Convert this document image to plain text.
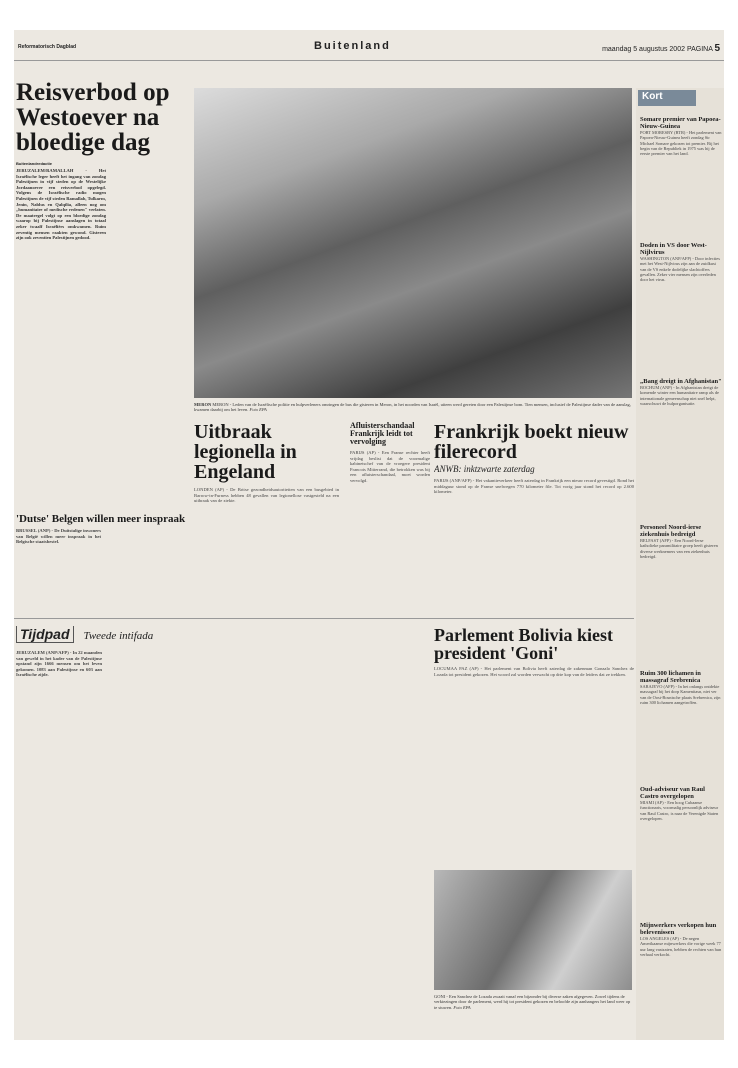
Reformatorisch Dagblad	Buitenland	maandag 5 augustus 2002 PAGINA 5
Reisverbod op Westoever na bloedige dag
Buitenlandredactie
JERUZALEM/RAMALLAH - Het Israëlische leger heeft het ingang van zondag Palestijnen in vijf steden op de Westelijke Jordaanoever een reisverbod opgelegd. Volgens de Israëlische radio mogen Palestijnen de vijf steden Ramallah, Tulkarm, Jenin, Nablus en Qalqilia, alleen nog om „humanitaire of medische redenen" verlaten. De maatregel volgt op een bloedige zondag waarop bij Palestijnse aanslagen in totaal zeker twaalf Israëliërs omkwamen. Ruim zeventig mensen raakten gewond. Gisteren zijn ook zeventien Palestijnen gedood.
MERON MERON - Leden van de Israëlische politie en hulpverleners omringen de bus die gisteren in Meron, in het noorden van Israël, uiteen werd gereten door een Palestijnse bom. Tien mensen, inclusief de Palestijnse dader van de aanslag, kwamen daarbij om het leven. Foto EPA
Uitbraak legionella in Engeland
LONDEN (AP) - De Britse gezondheidsautoriteiten van een busgebied in Barrow-in-Furness hebben 48 gevallen van legionellose vastgesteld na een uitbraak van de ziekte.
Afluisterschandaal Frankrijk leidt tot vervolging
PARIJS (AP) - Een Franse rechter heeft vrijdag beslist dat de voormalige kabinetschef van de vroegere president Francois Mitterrand, die betrokken was bij een afluisterschandaal, moet worden vervolgd.
Frankrijk boekt nieuw filerecord
ANWB: inktzwarte zaterdag
PARIJS (ANP/AFP) - Het vakantieverkeer heeft zaterdag in Frankrijk een nieuw record gevestigd. Rond het middaguur stond op de Franse snelwegen 770 kilometer file. Tot vorig jaar stond het record op 2.600 kilometer.
'Dutse' Belgen willen meer inspraak
BRUSSEL (ANP) - De Duitstalige inwoners van België willen meer inspraak in het Belgische staatsbestel.
Tijdpad Tweede intifada
JERUZALEM (ANP/AFP) - In 22 maanden van geweld in het kader van de Palestijnse opstand zijn 1666 mensen om het leven gekomen. 1083 aan Palestijnse en 603 aan Israëlische zijde.
Parlement Bolivia kiest president 'Goni'
LOCUMAA PAZ (AP) - Het parlement van Bolivia heeft zaterdag de zakenman Gonzalo Sanchez de Lozada tot president gekozen. Het woord zal worden verwacht op drie kop van de leiders dat ze trekken.
GONI - Een Sanchez de Lozada zwaait vanaf een bijzonder bij diverse zaken afgegeven. Zowel tijdens de verkiezingen door de parlement, werd hij tot president gekozen en beloofde zijn aanhangers het land weer op te stuwen. Foto EPA
Kort
Somare premier van Papoea-Nieuw-Guinea
PORT MORESBY (RTR) - Het parlement van Papoea-Nieuw-Guinea heeft zondag Sir Michael Somare gekozen tot premier. Bij het begin van de Republiek in 1975 was hij de eerste premier van het land.
Doden in VS door West-Nijlvirus
WASHINGTON (ANP/AFP) - Door infecties met het West-Nijlvirus zijn aan de zuidkust van de VS enkele dodelijke slachtoffers gevallen. Zeker vier mensen zijn overleden door het virus.
„Bang dreigt in Afghanistan"
BOCHUM (ANP) - In Afghanistan dreigt de komende winter een humanitaire ramp als de internationale gemeenschap niet snel helpt, waarschuwt de hulporganisatie.
Personeel Noord-ierse ziekenhuis bedreigd
BELFAST (AFP) - Een Noord-Ierse katholieke paramilitaire groep heeft gisteren diverse werknemers van een ziekenhuis bedreigd.
Ruim 300 lichamen in massagraf Srebrenica
SARAJEVO (AFP) - In het onlangs ontdekte massagraf bij het dorp Kamenitasn, niet ver van de Oost-Bosnische plaats Srebrenica, zijn ruim 300 lichamen aangetroffen.
Oud-adviseur van Raul Castro overgelopen
MIAMI (AP) - Een hoog Cubaanse functionaris, voormalig persoonlijk adviseur van Raul Castro, is naar de Verenigde Staten overgelopen.
Mijnwerkers verkopen hun belevenissen
LOS ANGELES (AP) - De negen Amerikaanse mijnwerkers die vorige week 77 uur lang vastzaten, hebben de rechten van hun verhaal verkocht.
